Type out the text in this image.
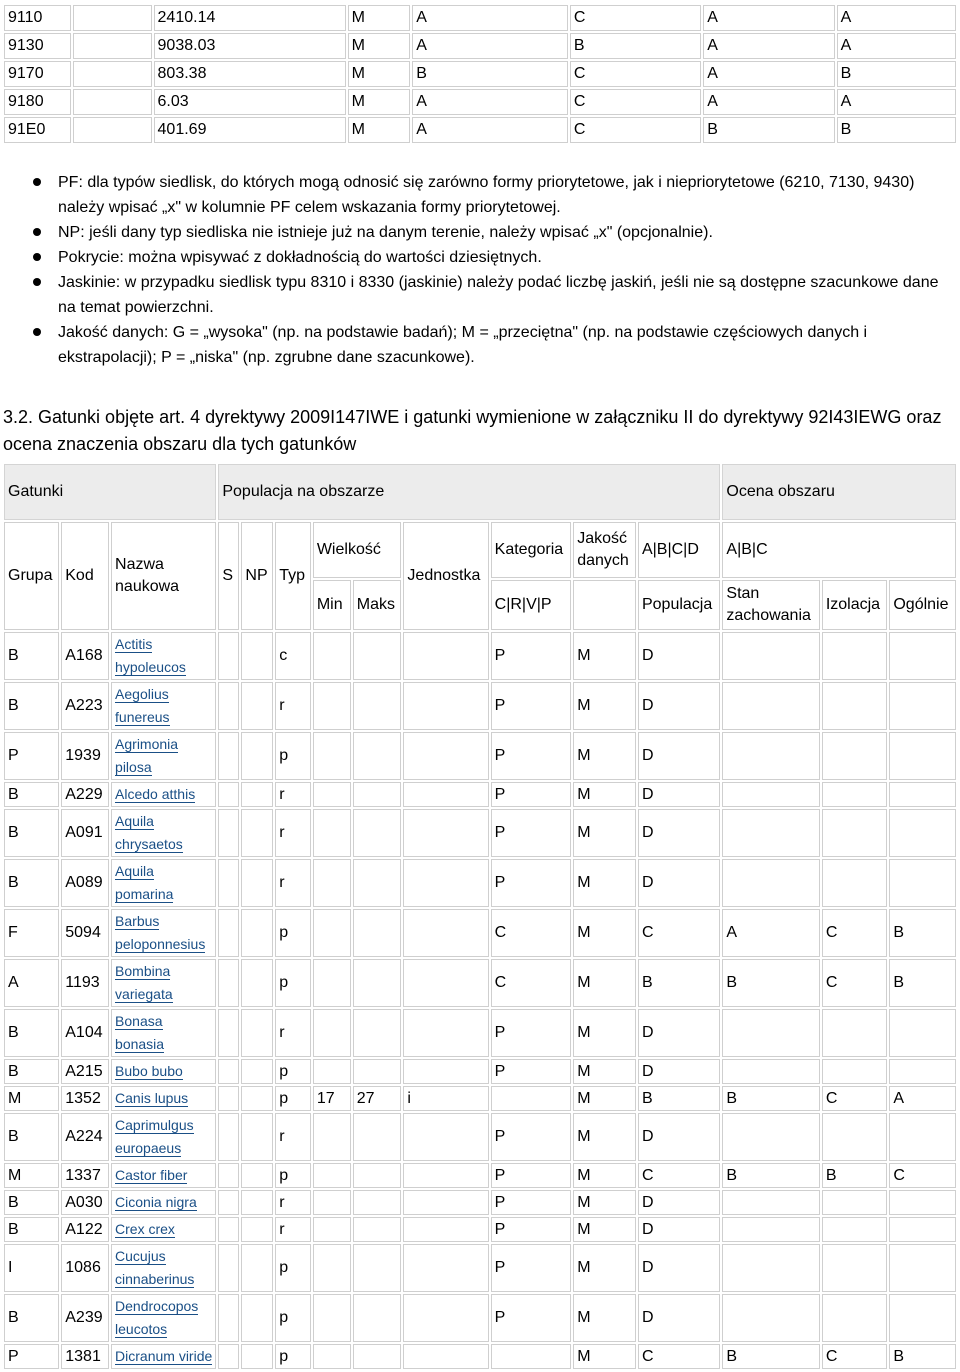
9110		2410.14	M	A	C	A	A
9130		9038.03	M	A	B	A	A
9170		803.38	M	B	C	A	B
9180		6.03	M	A	C	A	A
91E0		401.69	M	A	C	B	B
PF: dla typów siedlisk, do których mogą odnosić się zarówno formy priorytetowe, jak i niepriorytetowe (6210, 7130, 9430) należy wpisać „x" w kolumnie PF celem wskazania formy priorytetowej.
NP: jeśli dany typ siedliska nie istnieje już na danym terenie, należy wpisać „x" (opcjonalnie).
Pokrycie: można wpisywać z dokładnością do wartości dziesiętnych.
Jaskinie: w przypadku siedlisk typu 8310 i 8330 (jaskinie) należy podać liczbę jaskiń, jeśli nie są dostępne szacunkowe dane na temat powierzchni.
Jakość danych: G = „wysoka" (np. na podstawie badań); M = „przeciętna" (np. na podstawie częściowych danych i ekstrapolacji); P = „niska" (np. zgrubne dane szacunkowe).
3.2. Gatunki objęte art. 4 dyrektywy 2009I147IWE i gatunki wymienione w załączniku II do dyrektywy 92I43IEWG oraz ocena znaczenia obszaru dla tych gatunków
Gatunki			Populacja na obszarze									Ocena obszaru		
Grupa	Kod	Nazwa naukowa	S	NP	Typ	Wielkość		Jednostka	Kategoria	Jakość danych	A|B|C|D	A|B|C		
						Min	Maks		C|R|V|P		Populacja	Stan zachowania	Izolacja	Ogólnie
B	A168	Actitis
hypoleucos			c				P	M	D			
B	A223	Aegolius
funereus			r				P	M	D			
P	1939	Agrimonia
pilosa			p				P	M	D			
B	A229	Alcedo atthis			r				P	M	D			
B	A091	Aquila
chrysaetos			r				P	M	D			
B	A089	Aquila pomarina			r				P	M	D			
F	5094	Barbus
peloponnesius			p				C	M	C	A	C	B
A	1193	Bombina
variegata			p				C	M	B	B	C	B
B	A104	Bonasa bonasia			r				P	M	D			
B	A215	Bubo bubo			p				P	M	D			
M	1352	Canis lupus			p	17	27	i		M	B	B	C	A
B	A224	Caprimulgus
europaeus			r				P	M	D			
M	1337	Castor fiber			p				P	M	C	B	B	C
B	A030	Ciconia nigra			r				P	M	D			
B	A122	Crex crex			r				P	M	D			
I	1086	Cucujus
cinnaberinus			p				P	M	D			
B	A239	Dendrocopos
leucotos			p				P	M	D			
P	1381	Dicranum viride			p					M	C	B	C	B
